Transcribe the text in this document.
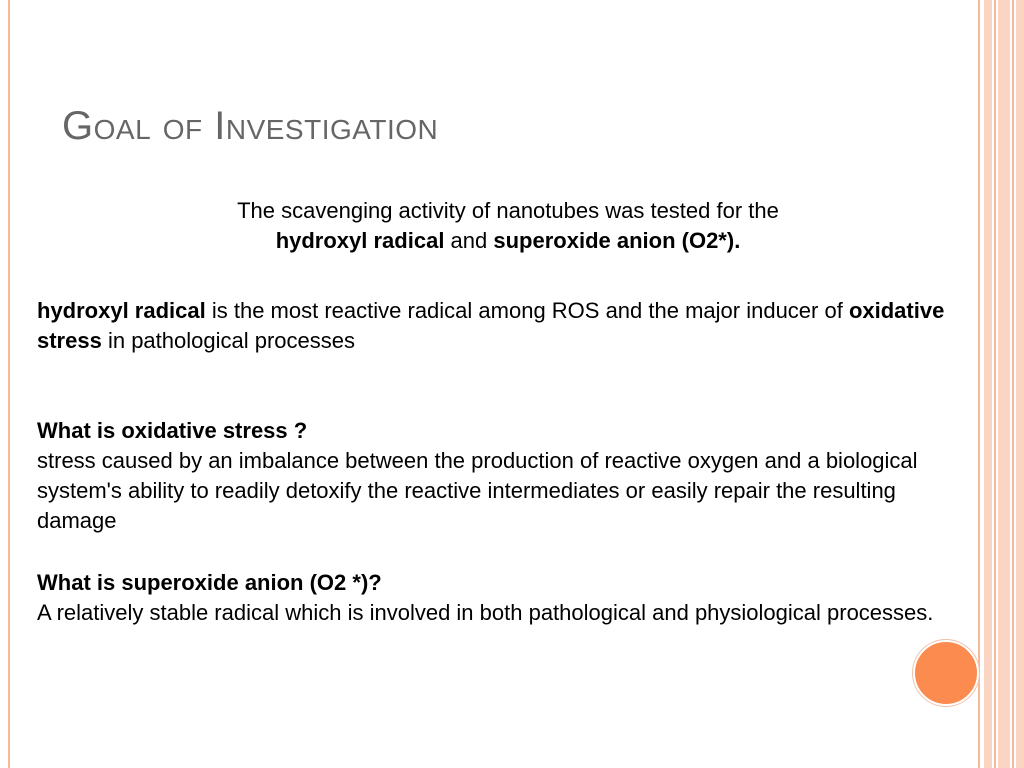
Goal of Investigation
The scavenging activity of nanotubes was tested for the
hydroxyl radical and superoxide anion (O2*).
hydroxyl radical is the most reactive radical among ROS and the major inducer of oxidative stress in pathological processes
What is oxidative stress ?
stress caused by an imbalance between the production of reactive oxygen and a biological system's ability to readily detoxify the reactive intermediates or easily repair the resulting damage
What is superoxide anion (O2 *)?
A relatively stable radical which is involved in both pathological and physiological processes.
